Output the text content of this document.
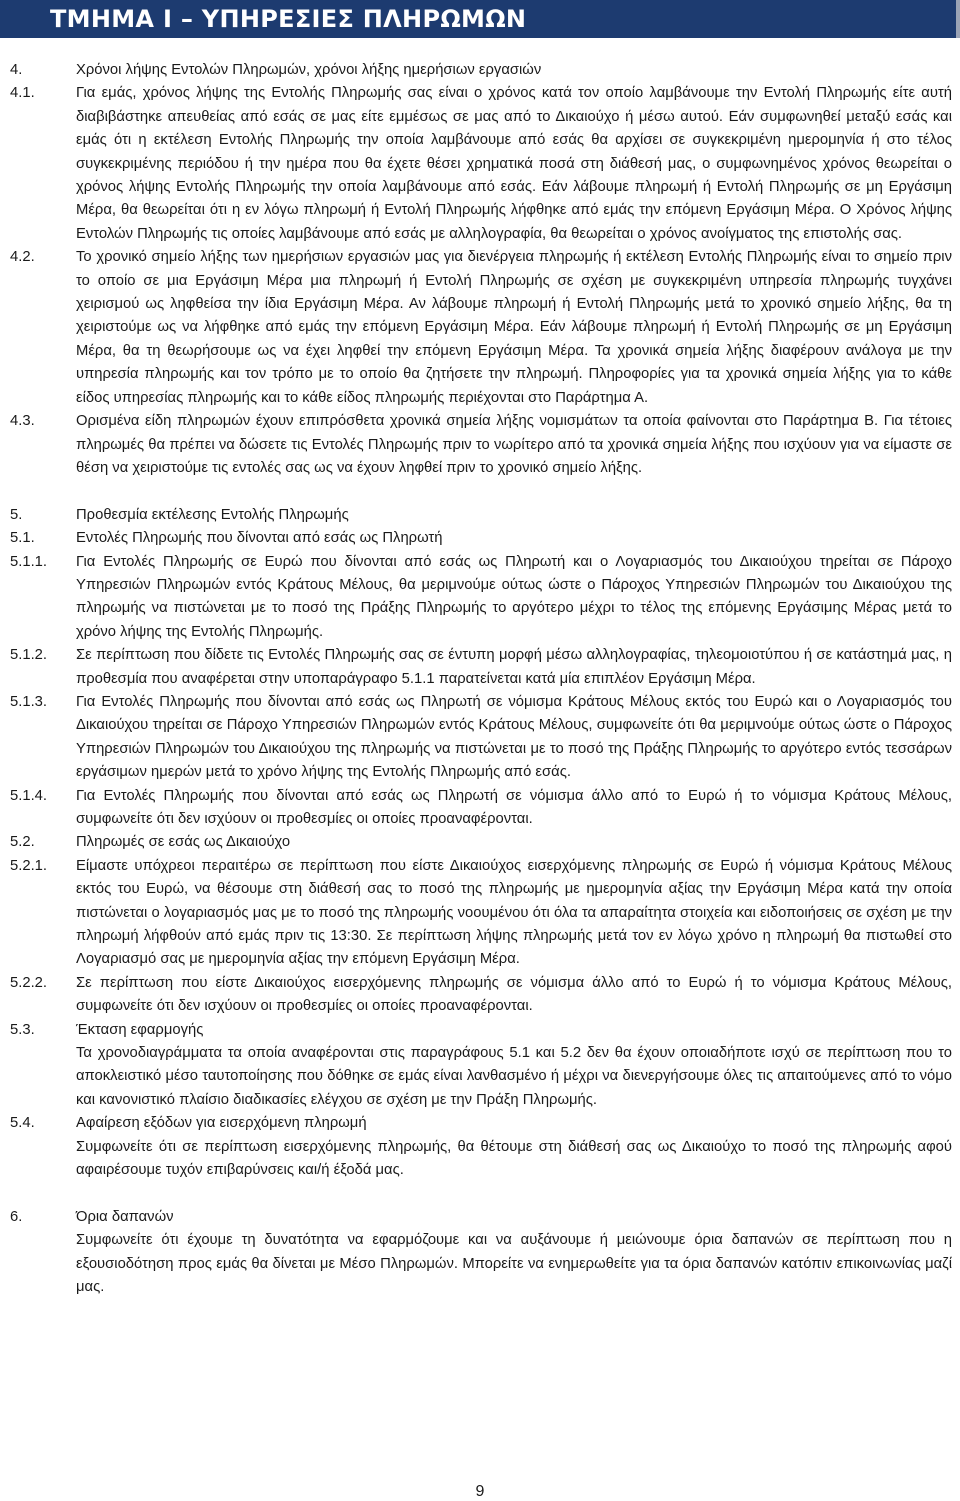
ΤΜΗΜΑ Ι – ΥΠΗΡΕΣΙΕΣ ΠΛΗΡΩΜΩΝ
4.	Χρόνοι λήψης Εντολών Πληρωμών, χρόνοι λήξης ημερήσιων εργασιών
4.1.	Για εμάς, χρόνος λήψης της Εντολής Πληρωμής σας είναι ο χρόνος κατά τον οποίο λαμβάνουμε την Εντολή Πληρωμής είτε αυτή διαβιβάστηκε απευθείας από εσάς σε μας είτε εμμέσως σε μας από το Δικαιούχο ή μέσω αυτού. Εάν συμφωνηθεί μεταξύ εσάς και εμάς ότι η εκτέλεση Εντολής Πληρωμής την οποία λαμβάνουμε από εσάς θα αρχίσει σε συγκεκριμένη ημερομηνία ή στο τέλος συγκεκριμένης περιόδου ή την ημέρα που θα έχετε θέσει χρηματικά ποσά στη διάθεσή μας, ο συμφωνημένος χρόνος θεωρείται ο χρόνος λήψης Εντολής Πληρωμής την οποία λαμβάνουμε από εσάς. Εάν λάβουμε πληρωμή ή Εντολή Πληρωμής σε μη Εργάσιμη Μέρα, θα θεωρείται ότι η εν λόγω πληρωμή ή Εντολή Πληρωμής λήφθηκε από εμάς την επόμενη Εργάσιμη Μέρα. Ο Χρόνος λήψης Εντολών Πληρωμής τις οποίες λαμβάνουμε από εσάς με αλληλογραφία, θα θεωρείται ο χρόνος ανοίγματος της επιστολής σας.
4.2.	Το χρονικό σημείο λήξης των ημερήσιων εργασιών μας για διενέργεια πληρωμής ή εκτέλεση Εντολής Πληρωμής είναι το σημείο πριν το οποίο σε μια Εργάσιμη Μέρα μια πληρωμή ή Εντολή Πληρωμής σε σχέση με συγκεκριμένη υπηρεσία πληρωμής τυγχάνει χειρισμού ως ληφθείσα την ίδια Εργάσιμη Μέρα. Αν λάβουμε πληρωμή ή Εντολή Πληρωμής μετά το χρονικό σημείο λήξης, θα τη χειριστούμε ως να λήφθηκε από εμάς την επόμενη Εργάσιμη Μέρα. Εάν λάβουμε πληρωμή ή Εντολή Πληρωμής σε μη Εργάσιμη Μέρα, θα τη θεωρήσουμε ως να έχει ληφθεί την επόμενη Εργάσιμη Μέρα. Τα χρονικά σημεία λήξης διαφέρουν ανάλογα με την υπηρεσία πληρωμής και τον τρόπο με το οποίο θα ζητήσετε την πληρωμή. Πληροφορίες για τα χρονικά σημεία λήξης για το κάθε είδος υπηρεσίας πληρωμής και το κάθε είδος πληρωμής περιέχονται στο Παράρτημα Α.
4.3.	Ορισμένα είδη πληρωμών έχουν επιπρόσθετα χρονικά σημεία λήξης νομισμάτων τα οποία φαίνονται στο Παράρτημα Β. Για τέτοιες πληρωμές θα πρέπει να δώσετε τις Εντολές Πληρωμής πριν το νωρίτερο από τα χρονικά σημεία λήξης που ισχύουν για να είμαστε σε θέση να χειριστούμε τις εντολές σας ως να έχουν ληφθεί πριν το χρονικό σημείο λήξης.
5.	Προθεσμία εκτέλεσης Εντολής Πληρωμής
5.1.	Εντολές Πληρωμής που δίνονται από εσάς ως Πληρωτή
5.1.1.	Για Εντολές Πληρωμής σε Ευρώ που δίνονται από εσάς ως Πληρωτή και ο Λογαριασμός του Δικαιούχου τηρείται σε Πάροχο Υπηρεσιών Πληρωμών εντός Κράτους Μέλους, θα μεριμνούμε ούτως ώστε ο Πάροχος Υπηρεσιών Πληρωμών του Δικαιούχου της πληρωμής να πιστώνεται με το ποσό της Πράξης Πληρωμής το αργότερο μέχρι το τέλος της επόμενης Εργάσιμης Μέρας μετά το χρόνο λήψης της Εντολής Πληρωμής.
5.1.2.	Σε περίπτωση που δίδετε τις Εντολές Πληρωμής σας σε έντυπη μορφή μέσω αλληλογραφίας, τηλεομοιοτύπου ή σε κατάστημά μας, η προθεσμία που αναφέρεται στην υποπαράγραφο 5.1.1 παρατείνεται κατά μία επιπλέον Εργάσιμη Μέρα.
5.1.3.	Για Εντολές Πληρωμής που δίνονται από εσάς ως Πληρωτή σε νόμισμα Κράτους Μέλους εκτός του Ευρώ και ο Λογαριασμός του Δικαιούχου τηρείται σε Πάροχο Υπηρεσιών Πληρωμών εντός Κράτους Μέλους, συμφωνείτε ότι θα μεριμνούμε ούτως ώστε ο Πάροχος Υπηρεσιών Πληρωμών του Δικαιούχου της πληρωμής να πιστώνεται με το ποσό της Πράξης Πληρωμής το αργότερο εντός τεσσάρων εργάσιμων ημερών μετά το χρόνο λήψης της Εντολής Πληρωμής από εσάς.
5.1.4.	Για Εντολές Πληρωμής που δίνονται από εσάς ως Πληρωτή σε νόμισμα άλλο από το Ευρώ ή το νόμισμα Κράτους Μέλους, συμφωνείτε ότι δεν ισχύουν οι προθεσμίες οι οποίες προαναφέρονται.
5.2.	Πληρωμές σε εσάς ως Δικαιούχο
5.2.1.	Είμαστε υπόχρεοι περαιτέρω σε περίπτωση που είστε Δικαιούχος εισερχόμενης πληρωμής σε Ευρώ ή νόμισμα Κράτους Μέλους εκτός του Ευρώ, να θέσουμε στη διάθεσή σας το ποσό της πληρωμής με ημερομηνία αξίας την Εργάσιμη Μέρα κατά την οποία πιστώνεται ο λογαριασμός μας με το ποσό της πληρωμής νοουμένου ότι όλα τα απαραίτητα στοιχεία και ειδοποιήσεις σε σχέση με την πληρωμή λήφθούν από εμάς πριν τις 13:30. Σε περίπτωση λήψης πληρωμής μετά τον εν λόγω χρόνο η πληρωμή θα πιστωθεί στο Λογαριασμό σας με ημερομηνία αξίας την επόμενη Εργάσιμη Μέρα.
5.2.2.	Σε περίπτωση που είστε Δικαιούχος εισερχόμενης πληρωμής σε νόμισμα άλλο από το Ευρώ ή το νόμισμα Κράτους Μέλους, συμφωνείτε ότι δεν ισχύουν οι προθεσμίες οι οποίες προαναφέρονται.
5.3.	Έκταση εφαρμογής
Τα χρονοδιαγράμματα τα οποία αναφέρονται στις παραγράφους 5.1 και 5.2 δεν θα έχουν οποιαδήποτε ισχύ σε περίπτωση που το αποκλειστικό μέσο ταυτοποίησης που δόθηκε σε εμάς είναι λανθασμένο ή μέχρι να διενεργήσουμε όλες τις απαιτούμενες από το νόμο και κανονιστικό πλαίσιο διαδικασίες ελέγχου σε σχέση με την Πράξη Πληρωμής.
5.4.	Αφαίρεση εξόδων για εισερχόμενη πληρωμή
Συμφωνείτε ότι σε περίπτωση εισερχόμενης πληρωμής, θα θέτουμε στη διάθεσή σας ως Δικαιούχο το ποσό της πληρωμής αφού αφαιρέσουμε τυχόν επιβαρύνσεις και/ή έξοδά μας.
6.	Όρια δαπανών
Συμφωνείτε ότι έχουμε τη δυνατότητα να εφαρμόζουμε και να αυξάνουμε ή μειώνουμε όρια δαπανών σε περίπτωση που η εξουσιοδότηση προς εμάς θα δίνεται με Μέσο Πληρωμών. Μπορείτε να ενημερωθείτε για τα όρια δαπανών κατόπιν επικοινωνίας μαζί μας.
9
